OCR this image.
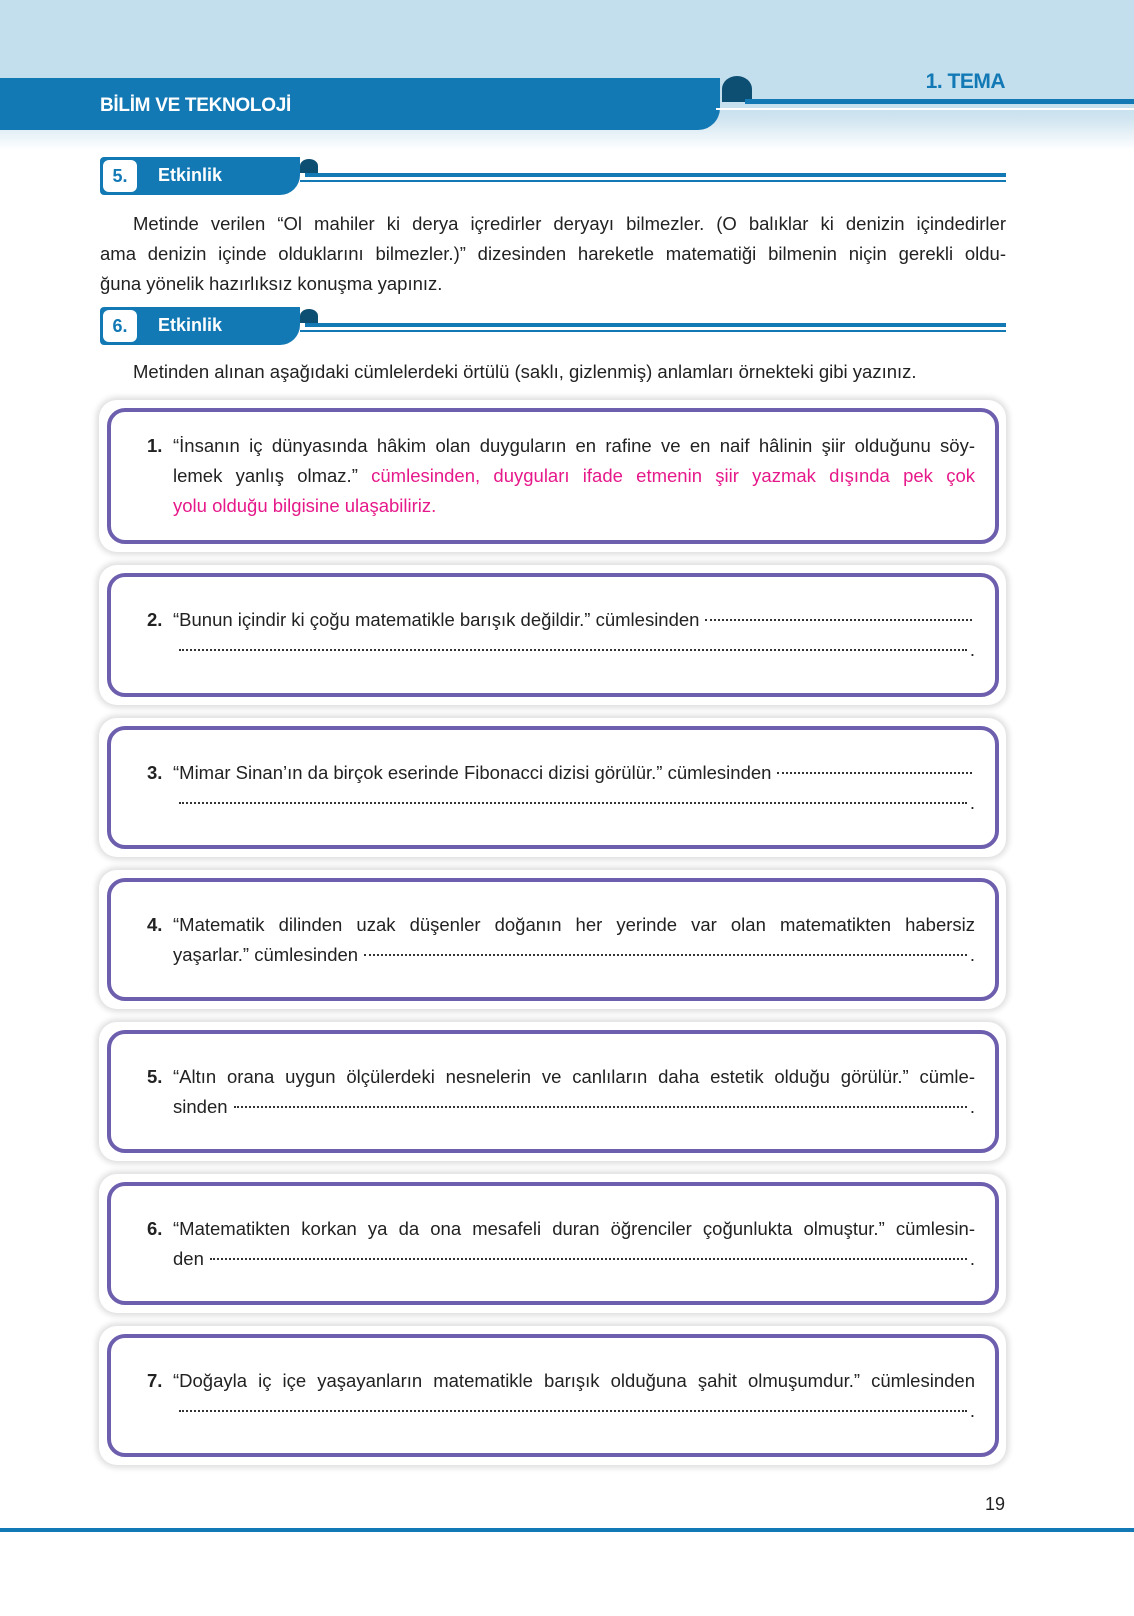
BİLİM VE TEKNOLOJİ
1. TEMA
5.	Etkinlik
Metinde verilen “Ol mahiler ki derya içredirler deryayı bilmezler. (O balıklar ki denizin içindedirler
ama denizin içinde olduklarını bilmezler.)” dizesinden hareketle matematiği bilmenin niçin gerekli oldu-
ğuna yönelik hazırlıksız konuşma yapınız.
6.	Etkinlik
Metinden alınan aşağıdaki cümlelerdeki örtülü (saklı, gizlenmiş) anlamları örnekteki gibi yazınız.
1. “İnsanın iç dünyasında hâkim olan duyguların en rafine ve en naif hâlinin şiir olduğunu söy-
lemek yanlış olmaz.” cümlesinden, duyguları ifade etmenin şiir yazmak dışında pek çok
yolu olduğu bilgisine ulaşabiliriz.
2. “Bunun içindir ki çoğu matematikle barışık değildir.” cümlesinden
.
3. “Mimar Sinan’ın da birçok eserinde Fibonacci dizisi görülür.” cümlesinden
.
4. “Matematik dilinden uzak düşenler doğanın her yerinde var olan matematikten habersiz
yaşarlar.” cümlesinden	.
5. “Altın orana uygun ölçülerdeki nesnelerin ve canlıların daha estetik olduğu görülür.” cümle-
sinden	.
6. “Matematikten korkan ya da ona mesafeli duran öğrenciler çoğunlukta olmuştur.” cümlesin-
den	.
7. “Doğayla iç içe yaşayanların matematikle barışık olduğuna şahit olmuşumdur.” cümlesinden
.
19
